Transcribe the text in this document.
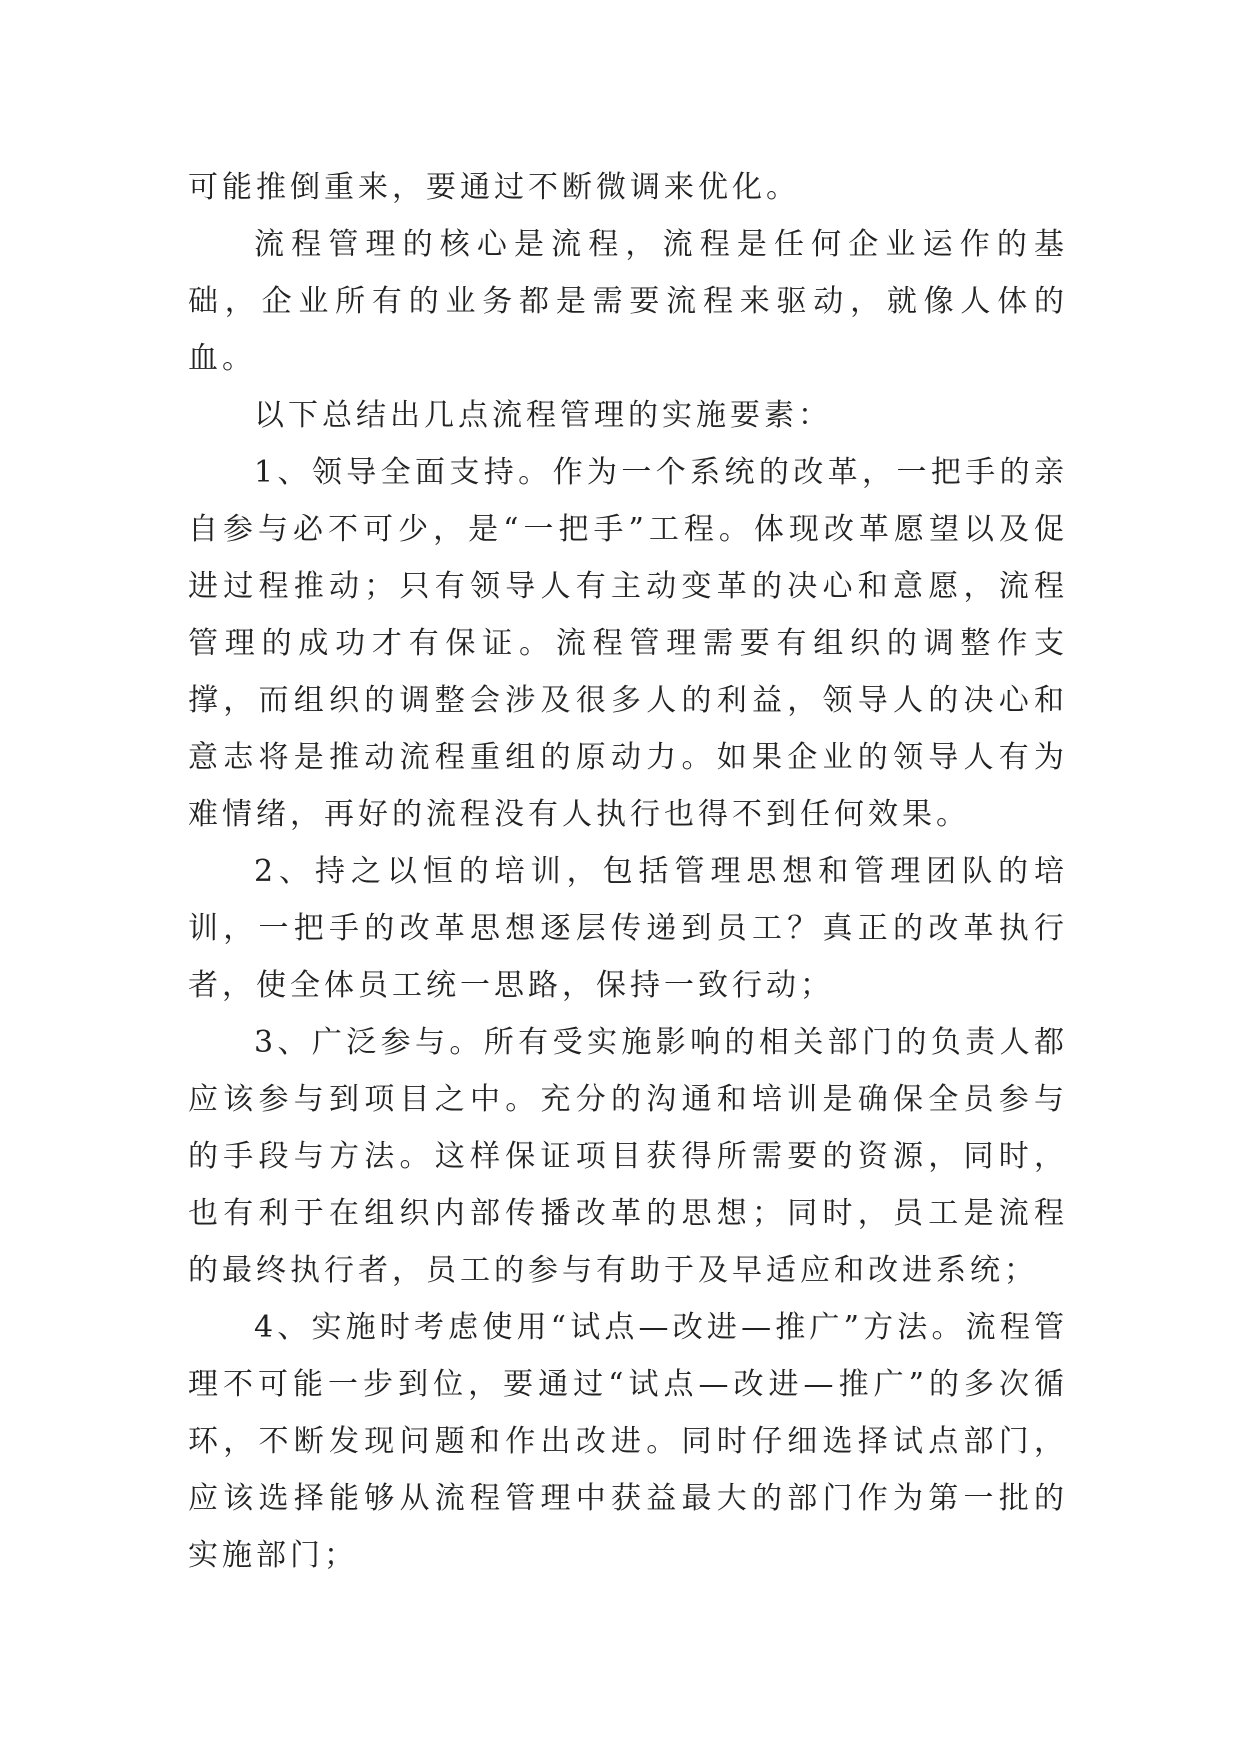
可能推倒重来，要通过不断微调来优化。

流程管理的核心是流程，流程是任何企业运作的基础，企业所有的业务都是需要流程来驱动，就像人体的血。

以下总结出几点流程管理的实施要素：

1、领导全面支持。作为一个系统的改革，一把手的亲自参与必不可少，是“一把手”工程。体现改革愿望以及促进过程推动；只有领导人有主动变革的决心和意愿，流程管理的成功才有保证。流程管理需要有组织的调整作支撑，而组织的调整会涉及很多人的利益，领导人的决心和意志将是推动流程重组的原动力。如果企业的领导人有为难情绪，再好的流程没有人执行也得不到任何效果。

2、持之以恒的培训，包括管理思想和管理团队的培训，一把手的改革思想逐层传递到员工？真正的改革执行者，使全体员工统一思路，保持一致行动；

3、广泛参与。所有受实施影响的相关部门的负责人都应该参与到项目之中。充分的沟通和培训是确保全员参与的手段与方法。这样保证项目获得所需要的资源，同时，也有利于在组织内部传播改革的思想；同时，员工是流程的最终执行者，员工的参与有助于及早适应和改进系统；

4、实施时考虑使用“试点—改进—推广”方法。流程管理不可能一步到位，要通过“试点—改进—推广”的多次循环，不断发现问题和作出改进。同时仔细选择试点部门，应该选择能够从流程管理中获益最大的部门作为第一批的实施部门；
